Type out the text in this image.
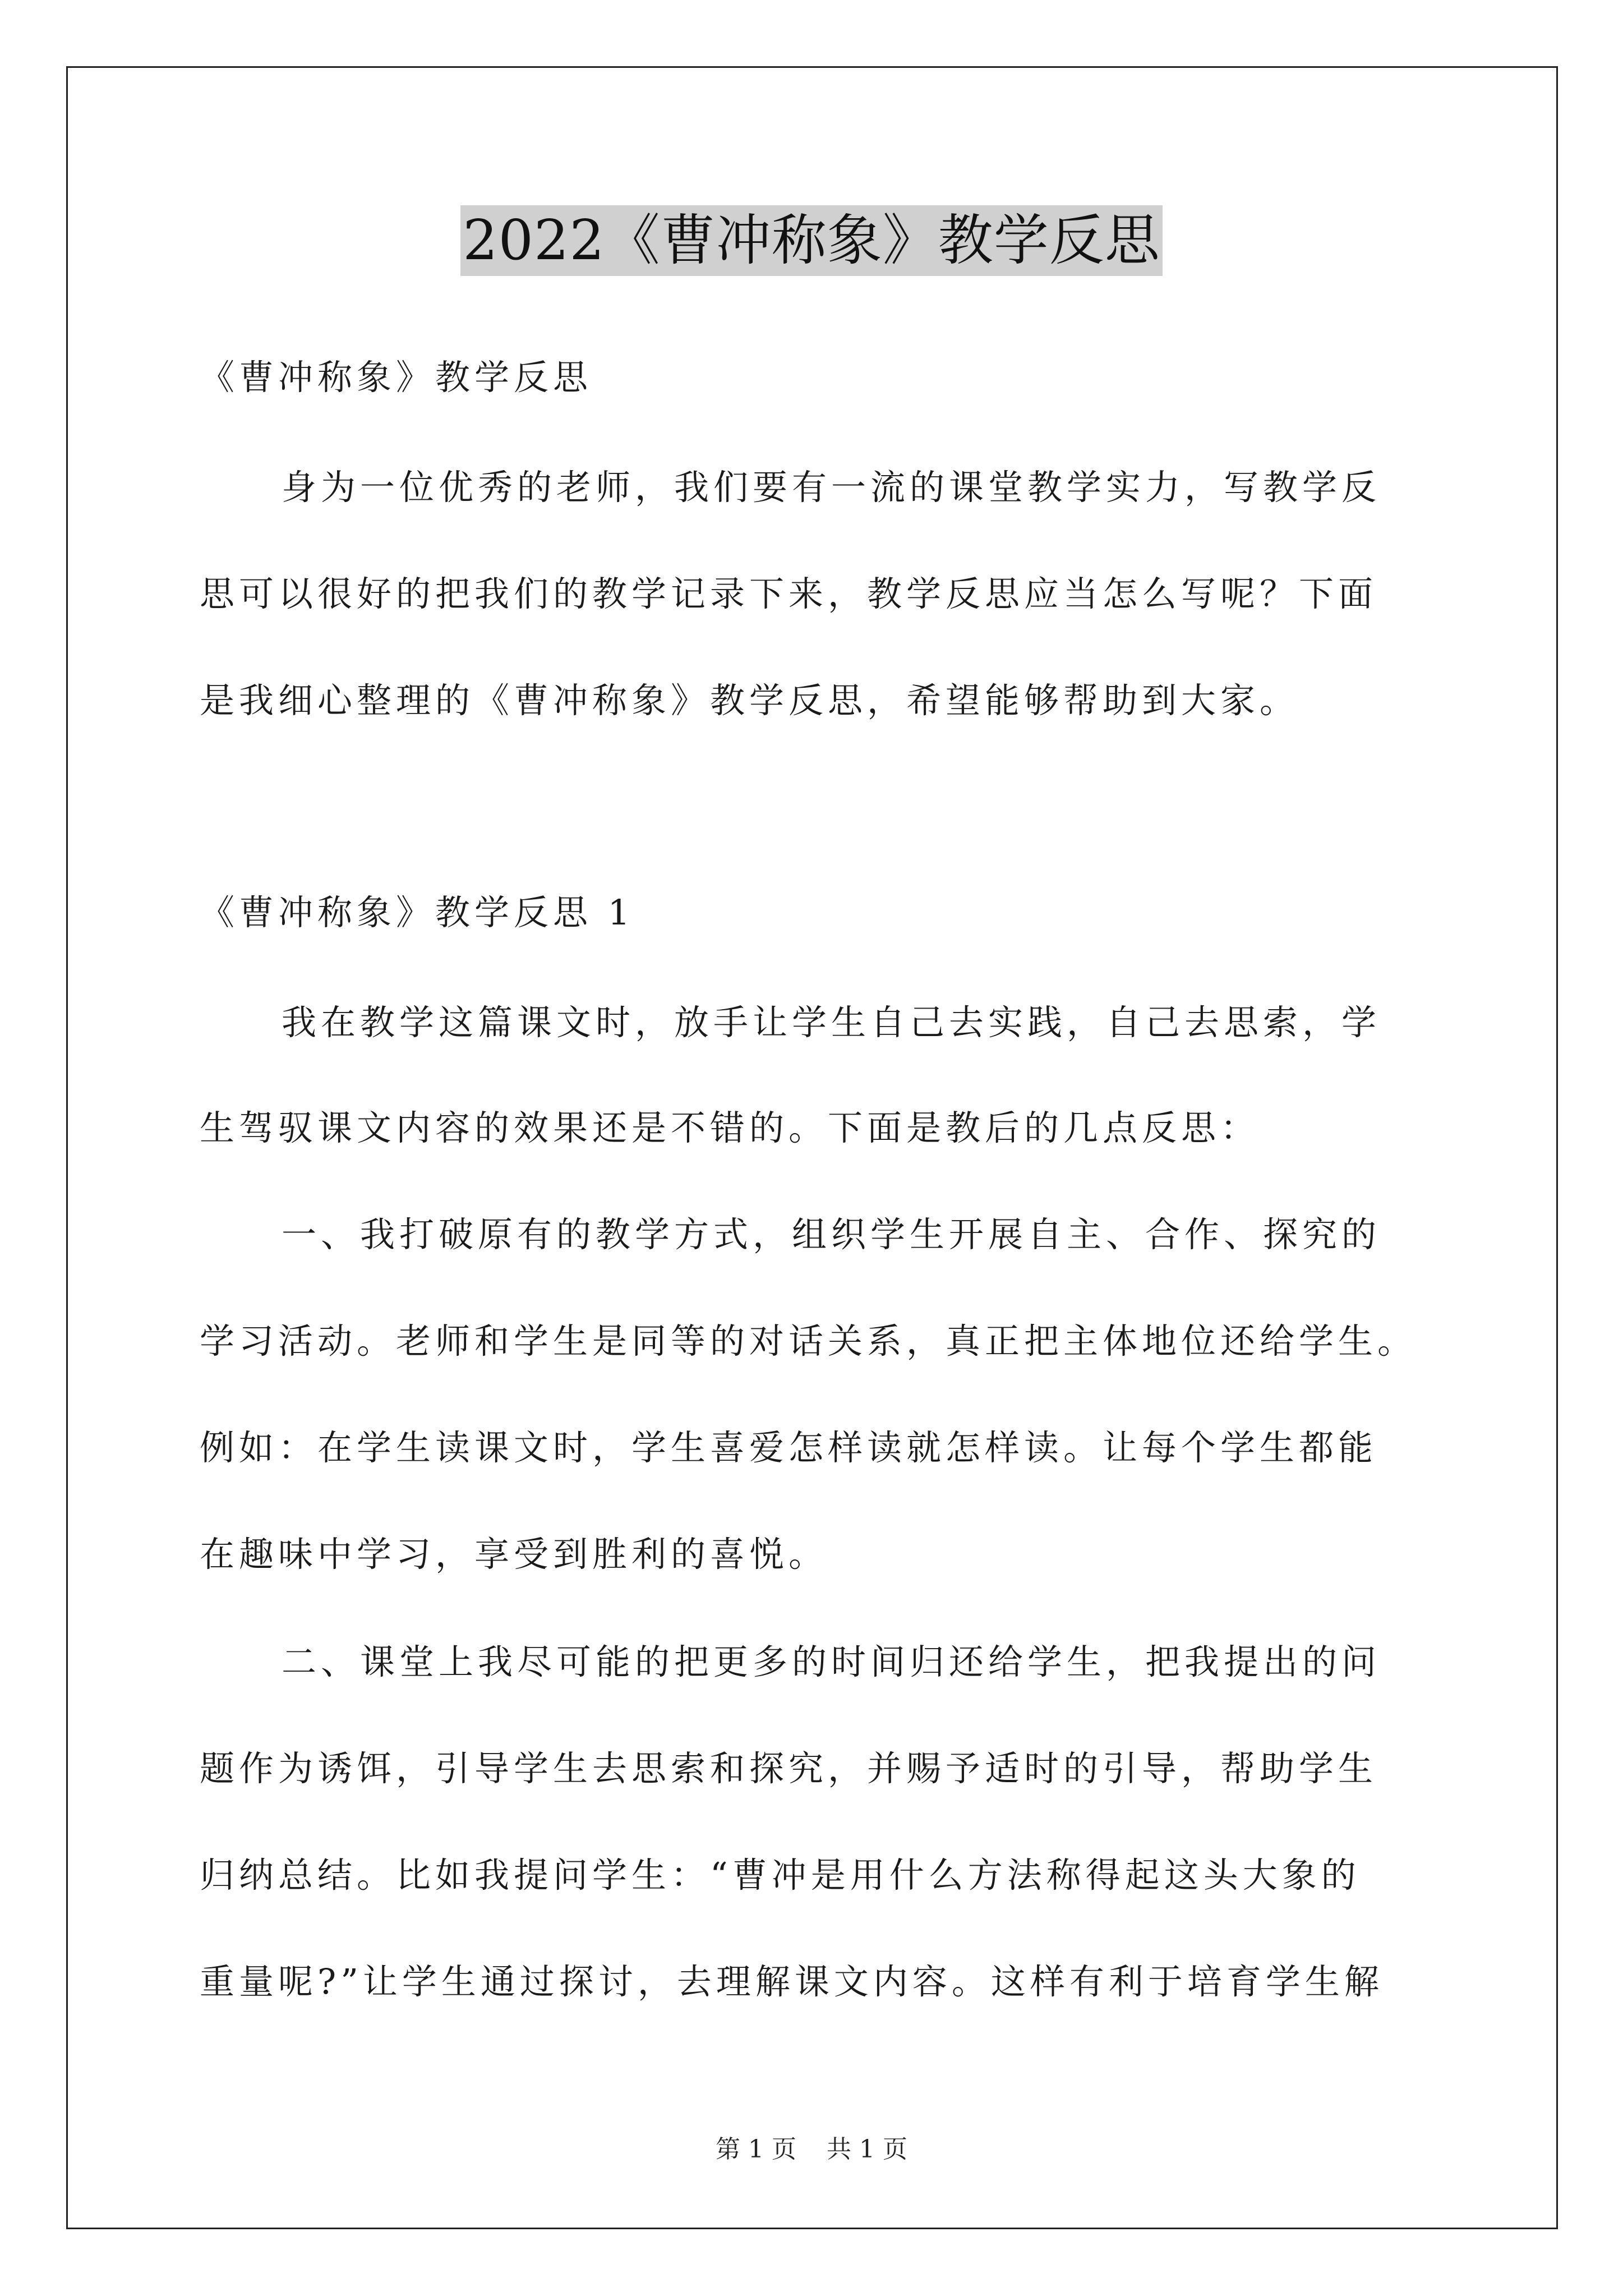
2022《曹冲称象》教学反思
《曹冲称象》教学反思
身为一位优秀的老师，我们要有一流的课堂教学实力，写教学反
思可以很好的把我们的教学记录下来，教学反思应当怎么写呢？下面
是我细心整理的《曹冲称象》教学反思，希望能够帮助到大家。
《曹冲称象》教学反思 1
我在教学这篇课文时，放手让学生自己去实践，自己去思索，学
生驾驭课文内容的效果还是不错的。下面是教后的几点反思：
一、我打破原有的教学方式，组织学生开展自主、合作、探究的
学习活动。老师和学生是同等的对话关系，真正把主体地位还给学生。
例如：在学生读课文时，学生喜爱怎样读就怎样读。让每个学生都能
在趣味中学习，享受到胜利的喜悦。
二、课堂上我尽可能的把更多的时间归还给学生，把我提出的问
题作为诱饵，引导学生去思索和探究，并赐予适时的引导，帮助学生
归纳总结。比如我提问学生：“曹冲是用什么方法称得起这头大象的
重量呢?”让学生通过探讨，去理解课文内容。这样有利于培育学生解
第 1 页 共 1 页
